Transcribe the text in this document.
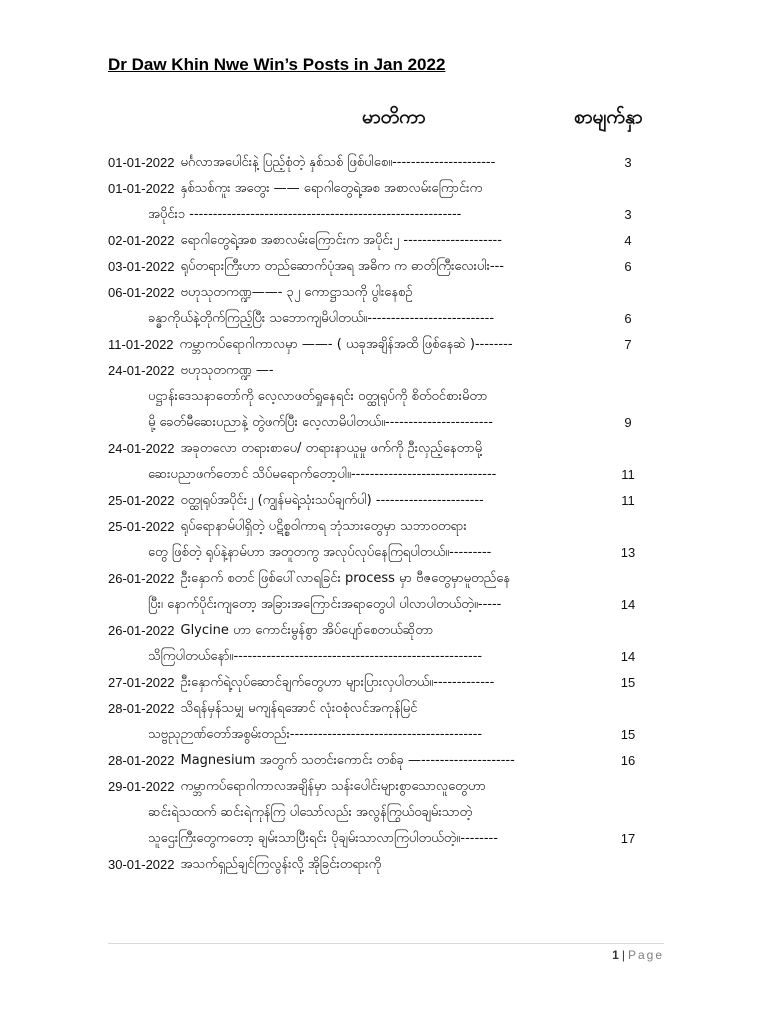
Dr Daw Khin Nwe Win’s Posts in Jan 2022
မာတိကာ	စာမျက်နှာ
01-01-2022 မင်္ဂလာအပေါင်းနဲ့ ပြည့်စုံတဲ့ နှစ်သစ် ဖြစ်ပါစေ။----------------------	3
01-01-2022 နှစ်သစ်ကူး အတွေး —— ရောဂါတွေရဲ့အစ အစာလမ်းကြောင်းက
အပိုင်း၁ ----------------------------------------------------------	3
02-01-2022 ရောဂါတွေရဲ့အစ အစာလမ်းကြောင်းက အပိုင်း၂ ---------------------	4
03-01-2022 ရုပ်တရားကြီးဟာ တည်ဆောက်ပုံအရ အဓိက က ဓာတ်ကြီးလေးပါး---	6
06-01-2022 ဗဟုသုတကဏ္ဍ——- ၃၂ ကောဋ္ဌာသကို ပွါးနေစဉ်
ခန္ဓာကိုယ်နဲ့တိုက်ကြည့်ပြီး သဘောကျမိပါတယ်။---------------------------	6
11-01-2022 ကမ္ဘာကပ်ရောဂါကာလမှာ ——- ( ယခုအချိန်အထိ ဖြစ်နေဆဲ )--------	7
24-01-2022 ဗဟုသုတကဏ္ဍ —-
ပဋ္ဌာန်းဒေသနာတော်ကို လေ့လာဖတ်ရှုနေရင်း ဝတ္ထုရုပ်ကို စိတ်ဝင်စားမိတာ
မို့ ခေတ်မီဆေးပညာနဲ့ တွဲဖက်ပြီး လေ့လာမိပါတယ်။-----------------------	9
24-01-2022 အခုတလော တရားစာပေ/ တရားနာယူမှု ဖက်ကို ဦးလှည့်နေတာမို့
ဆေးပညာဖက်တောင် သိပ်မရောက်တော့ပါ။-------------------------------	11
25-01-2022 ဝတ္ထုရုပ်အပိုင်း၂ (ကျွန်မရဲ့သုံးသပ်ချက်ပါ) -----------------------	11
25-01-2022 ရုပ်ရောနာမ်ပါရှိတဲ့ ပဋိစ္စဝါကာရ ဘုံသားတွေမှာ သဘာဝတရား
တွေ ဖြစ်တဲ့ ရုပ်နဲ့နာမ်ဟာ အတူတကွ အလုပ်လုပ်နေကြရပါတယ်။---------	13
26-01-2022 ဦးနှောက် စတင် ဖြစ်ပေါ်လာရခြင်း process မှာ ဗီဇတွေမှာမူတည်နေ
ပြီး၊ နောက်ပိုင်းကျတော့ အခြားအကြောင်းအရာတွေပါ ပါလာပါတယ်တဲ့။-----	14
26-01-2022 Glycine ဟာ ကောင်းမွန်စွာ အိပ်ပျော်စေတယ်ဆိုတာ
သိကြပါတယ်နော်။-----------------------------------------------------	14
27-01-2022 ဦးနှောက်ရဲ့လုပ်ဆောင်ချက်တွေဟာ များပြားလှပါတယ်။-------------	15
28-01-2022 သိရန်မှန်သမျှ မကျန်ရအောင် လုံးဝစုံလင်အကုန်မြင်
သဗ္ဗညုဉာဏ်တော်အစွမ်းတည်း-----------------------------------------	15
28-01-2022 Magnesium အတွက် သတင်းကောင်း တစ်ခု —--------------------	16
29-01-2022 ကမ္ဘာကပ်ရောဂါကာလအချိန်မှာ သန်းပေါင်းများစွာသောလူတွေဟာ
ဆင်းရဲသထက် ဆင်းရဲကုန်ကြ ပါသော်လည်း အလွန်ကြွယ်ဝချမ်းသာတဲ့
သူဌေးကြီးတွေကတော့ ချမ်းသာပြီးရင်း ပိုချမ်းသာလာကြပါတယ်တဲ့။--------	17
30-01-2022 အသက်ရှည်ချင်ကြလွန်းလို့ အိုခြင်းတရားကို
1 | Page
